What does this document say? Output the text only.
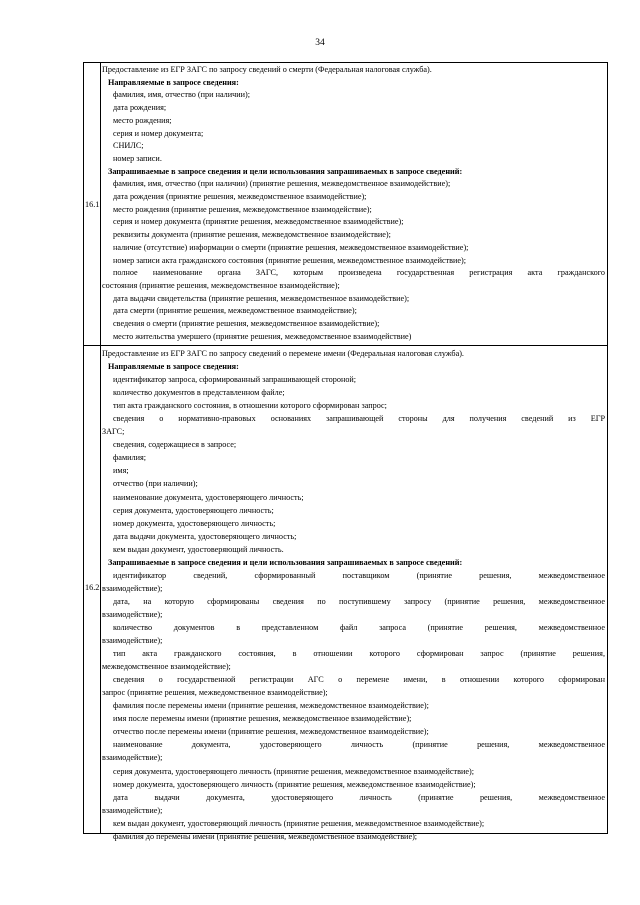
34
16.1.
Предоставление из ЕГР ЗАГС по запросу сведений о смерти (Федеральная налоговая служба).
Направляемые в запросе сведения:
фамилия, имя, отчество (при наличии);
дата рождения;
место рождения;
серия и номер документа;
СНИЛС;
номер записи.
Запрашиваемые в запросе сведения и цели использования запрашиваемых в запросе сведений:
фамилия, имя, отчество (при наличии) (принятие решения, межведомственное взаимодействие);
дата рождения (принятие решения, межведомственное взаимодействие);
место рождения (принятие решения, межведомственное взаимодействие);
серия и номер документа (принятие решения, межведомственное взаимодействие);
реквизиты документа (принятие решения, межведомственное взаимодействие);
наличие (отсутствие) информации о смерти (принятие решения, межведомственное взаимодействие);
номер записи акта гражданского состояния (принятие решения, межведомственное взаимодействие);
полное наименование органа ЗАГС, которым произведена государственная регистрация акта гражданского
состояния (принятие решения, межведомственное взаимодействие);
дата выдачи свидетельства (принятие решения, межведомственное взаимодействие);
дата смерти (принятие решения, межведомственное взаимодействие);
сведения о смерти (принятие решения, межведомственное взаимодействие);
место жительства умершего (принятие решения, межведомственное взаимодействие)
16.2.
Предоставление из ЕГР ЗАГС по запросу сведений о перемене имени (Федеральная налоговая служба).
Направляемые в запросе сведения:
идентификатор запроса, сформированный запрашивающей стороной;
количество документов в представленном файле;
тип акта гражданского состояния, в отношении которого сформирован запрос;
сведения о нормативно-правовых основаниях запрашивающей стороны для получения сведений из ЕГР
ЗАГС;
сведения, содержащиеся в запросе;
фамилия;
имя;
отчество (при наличии);
наименование документа, удостоверяющего личность;
серия документа, удостоверяющего личность;
номер документа, удостоверяющего личность;
дата выдачи документа, удостоверяющего личность;
кем выдан документ, удостоверяющий личность.
Запрашиваемые в запросе сведения и цели использования запрашиваемых в запросе сведений:
идентификатор сведений, сформированный поставщиком (принятие решения, межведомственное
взаимодействие);
дата, на которую сформированы сведения по поступившему запросу (принятие решения, межведомственное
взаимодействие);
количество документов в представленном файл запроса (принятие решения, межведомственное
взаимодействие);
тип акта гражданского состояния, в отношении которого сформирован запрос (принятие решения,
межведомственное взаимодействие);
сведения о государственной регистрации АГС о перемене имени, в отношении которого сформирован
запрос (принятие решения, межведомственное взаимодействие);
фамилия после перемены имени (принятие решения, межведомственное взаимодействие);
имя после перемены имени (принятие решения, межведомственное взаимодействие);
отчество после перемены имени (принятие решения, межведомственное взаимодействие);
наименование документа, удостоверяющего личность (принятие решения, межведомственное
взаимодействие);
серия документа, удостоверяющего личность (принятие решения, межведомственное взаимодействие);
номер документа, удостоверяющего личность (принятие решения, межведомственное взаимодействие);
дата выдачи документа, удостоверяющего личность (принятие решения, межведомственное
взаимодействие);
кем выдан документ, удостоверяющий личность (принятие решения, межведомственное взаимодействие);
фамилия до перемены имени (принятие решения, межведомственное взаимодействие);
